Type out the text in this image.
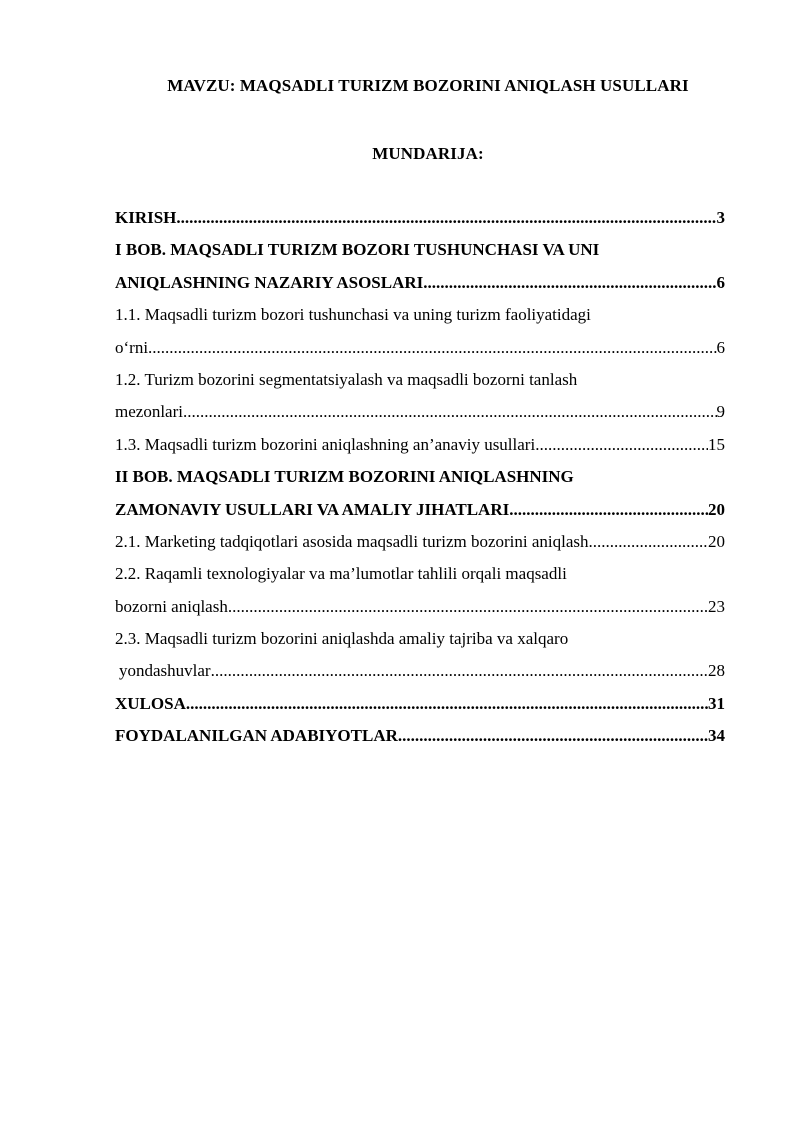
MAVZU: MAQSADLI TURIZM BOZORINI ANIQLASH USULLARI
MUNDARIJA:
KIRISH .....	3
I BOB. MAQSADLI TURIZM BOZORI TUSHUNCHASI VA UNI
ANIQLASHNING NAZARIY ASOSLARI .....	6
1.1. Maqsadli turizm bozori tushunchasi va uning turizm faoliyatidagi
o‘rni .....	6
1.2. Turizm bozorini segmentatsiyalash va maqsadli bozorni tanlash
mezonlari .....	9
1.3. Maqsadli turizm bozorini aniqlashning an’anaviy usullari .....	15
II BOB. MAQSADLI TURIZM BOZORINI ANIQLASHNING
ZAMONAVIY USULLARI VA AMALIY JIHATLARI .....	20
2.1. Marketing tadqiqotlari asosida maqsadli turizm bozorini aniqlash .....	20
2.2. Raqamli texnologiyalar va ma’lumotlar tahlili orqali maqsadli
bozorni aniqlash .....	23
2.3. Maqsadli turizm bozorini aniqlashda amaliy tajriba va xalqaro
yondashuvlar .....	28
XULOSA .....	31
FOYDALANILGAN ADABIYOTLAR .....	34
